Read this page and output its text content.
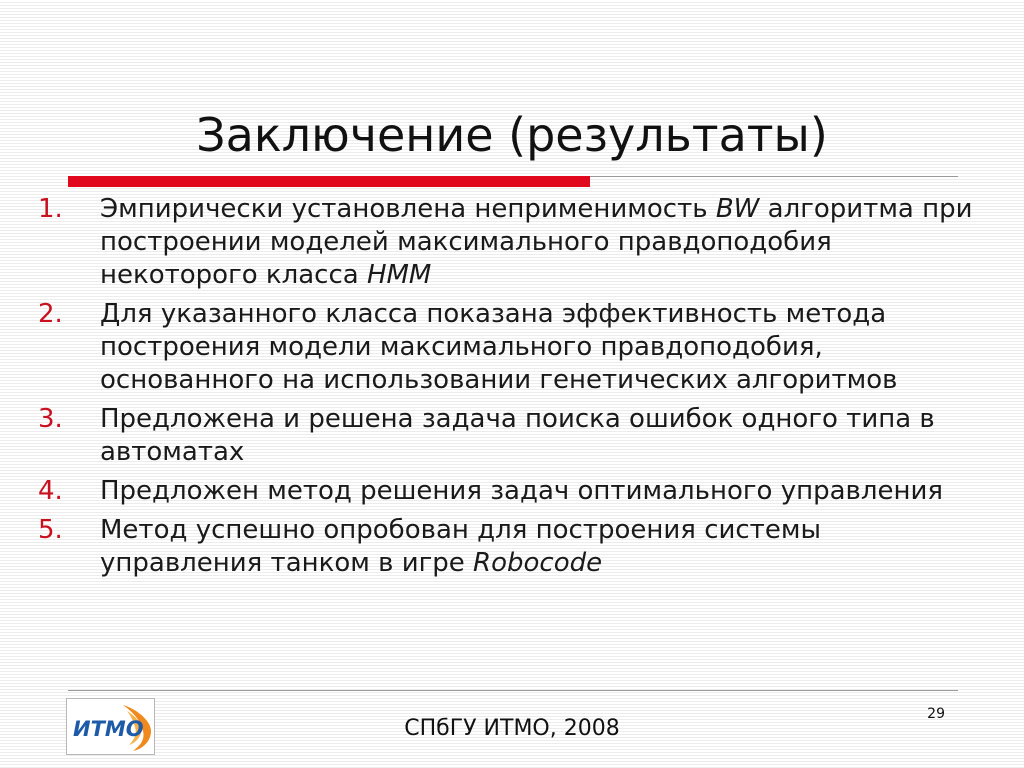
Заключение (результаты)
1. Эмпирически установлена неприменимость BW алгоритма при построении моделей максимального правдоподобия некоторого класса HMM
2. Для указанного класса показана эффективность метода построения модели максимального правдоподобия, основанного на использовании генетических алгоритмов
3. Предложена и решена задача поиска ошибок одного типа в автоматах
4. Предложен метод решения задач оптимального управления
5. Метод успешно опробован для построения системы управления танком в игре Robocode
ИТМО
29
СПбГУ ИТМО, 2008
